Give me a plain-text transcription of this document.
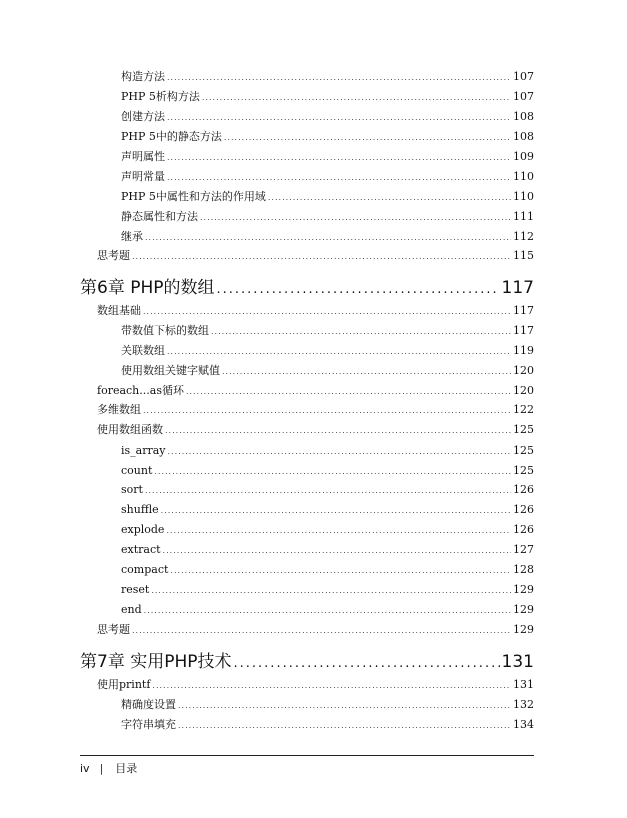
构造方法 .....	107
PHP 5析构方法 .....	107
创建方法 .....	108
PHP 5中的静态方法 .....	108
声明属性 .....	109
声明常量 .....	110
PHP 5中属性和方法的作用域 .....	110
静态属性和方法 .....	111
继承 .....	112
思考题 .....	115
第6章 PHP的数组 .....	117
数组基础 .....	117
带数值下标的数组 .....	117
关联数组 .....	119
使用数组关键字赋值 .....	120
foreach...as循环 .....	120
多维数组 .....	122
使用数组函数 .....	125
is_array .....	125
count .....	125
sort .....	126
shuffle .....	126
explode .....	126
extract .....	127
compact .....	128
reset .....	129
end .....	129
思考题 .....	129
第7章 实用PHP技术 .....	131
使用printf .....	131
精确度设置 .....	132
字符串填充 .....	134
iv | 目录
